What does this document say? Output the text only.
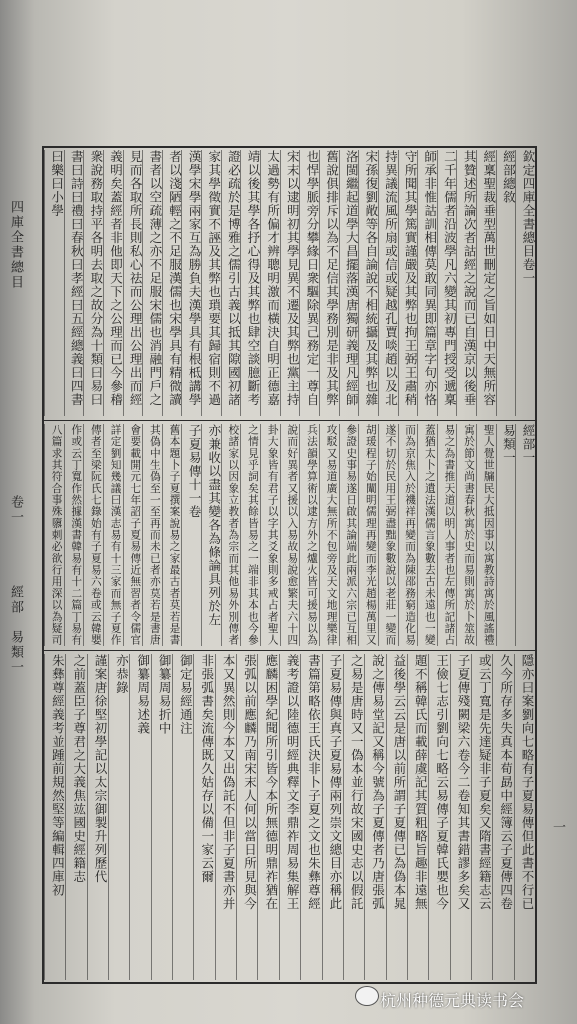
四庫全書總目
卷一
經部　易類一
一
欽定四庫全書總目卷一
經部總敘
經稟聖裁垂型萬世刪定之旨如日中天無所容
其贊述所論次者詁經之說而已自漢京以後垂
二千年儒者沿波學凡六變其初專門授受遞稟
師承非惟詁訓相傳莫敢同異即篇章字句亦恪
守所聞其學篤實謹嚴及其弊也拘王弼王肅稍
持異議流風所扇或信或疑越孔賈啖趙以及北
宋孫復劉敞等各自論說不相統攝及其弊也雜
洛閩繼起道學大昌擺落漢唐獨研義理凡經師
舊說俱排斥以為不足信其學務別是非及其弊
也悍學脈旁分攀緣日衆驅除異己務定一尊自
宋末以逮明初其學見異不遷及其弊也黨主持
太過勢有所偏才辨聰明激而橫決自明正德嘉
靖以後其學各抒心得及其弊也肆空談臆斷考
證必疏於是博雅之儒引古義以抵其隙國初諸
家其學徵實不誣及其弊也瑣要其歸宿則不過
漢學宋學兩家互為勝負夫漢學具有根柢講學
者以淺陋輕之不足服漢儒也宋學具有精微讀
書者以空疏薄之亦不足服宋儒也消融門戶之
見而各取所長則私心祛而公理出公理出而經
義明矣蓋經者非他即天下之公理而已今參稽
衆說務取持平各明去取之故分為十類曰易曰
書曰詩曰禮曰春秋曰孝經曰五經總義曰四書
曰樂曰小學
經部一
易類一
聖人覺世牖民大抵因事以寓教詩寓於風謠禮
寓於節文尚書春秋寓於史而易則寓於卜筮故
易之為書推天道以明人事者也左傳所記諸占
蓋猶太卜之遺法漢儒言象數去古未遠也一變
而為京焦入於禨祥再變而為陳邵務窮造化易
遂不切於民用王弼盡黜象數說以老莊一變而
胡瑗程子始闡明儒理再變而李光趙楊萬里又
參證史事易遂日啟其論端此兩派六宗已互相
攻駁又易道廣大無所不包旁及天文地理樂律
兵法韻學算術以逮方外之爐火皆可援易以為
說而好異者又援以入易故易說愈繁夫六十四
卦大象皆有君子以字其爻象則多戒占者聖人
之情見乎詞矣其餘皆易之一端非其本也今參
校諸家以因象立教者為宗而其他易外別傳者
亦兼收以盡其變各為條論具列於左
子夏易傳十一卷
舊本題卜子夏撰案說易之家最古者莫若是書
其偽中生偽至一至再而未已者亦莫若是書唐
會要載開元七年詔子夏易傳近無習者令儒官
詳定劉知幾議曰漢志易有十三家而無子夏作
傳者至梁阮氏七錄始有子夏易六卷或云韓嬰
作或云丁寬作然據漢書韓易有十二篇丁易有
八篇求其符合事殊隳刺必欲行用深以為疑司
隱亦曰案劉向七略有子夏易傳但此書不行已
久今所存多失真本荀勗中經簿云子夏傳四卷
或云丁寬是先達疑非子夏矣又隋書經籍志云
子夏傳殘闕梁六卷今二卷知其書錯謬多矣又
王儉七志引劉向七略云易傳子夏韓氏嬰也今
題不稱韓氏而載薛虞記其質粗略旨趣非遠無
益後學云云是唐以前所謂子夏傳已為偽本晁
說之傳易堂記又稱今號為子夏傳者乃唐張弧
之易是唐時又一偽本並行故宋國史志以假託
子夏易傳與真子夏易傳兩列崇文總目亦稱此
書篇第略依王氏決非卜子夏之文也朱彝尊經
義考證以陸德明經典釋文李鼎祚周易集解王
應麟困學紀聞所引皆今本所無德明鼎祚猶在
張弧以前應麟乃南宋末人何以當日所見與今
本又異然則今本又出偽託不但非子夏書亦并
非張弧書矣流傳既久姑存以備一家云爾
御定易經通注
御纂周易折中
御纂周易述義
亦恭錄
謹案唐徐堅初學記以太宗御製升列歷代
之前蓋臣子尊君之大義焦竑國史經籍志
朱彝尊經義考並踵前規然堅等編輯四庫初
杭州种德元典读书会
